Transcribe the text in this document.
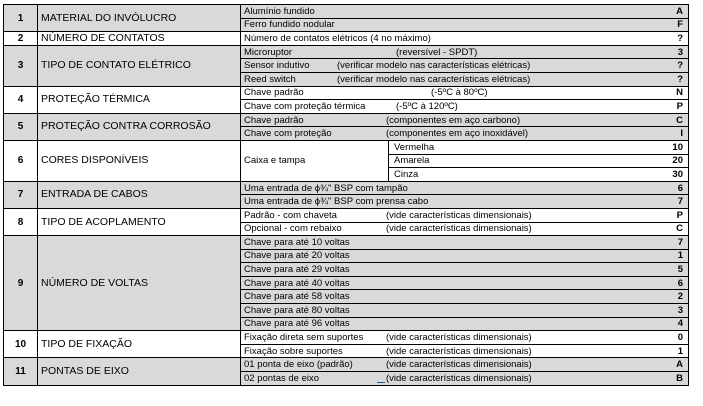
1	MATERIAL DO INVÓLUCRO	Alumínio fundido A	

		Ferro fundido nodular F	

2	NÚMERO DE CONTATOS	Número de contatos elétricos (4 no máximo) ?	

3	TIPO DE CONTATO ELÉTRICO	Microruptor (reversível - SPDT) 3	

		Sensor indutivo (verificar modelo nas características elétricas) ?	

		Reed switch (verificar modelo nas características elétricas) ?	

4	PROTEÇÃO TÉRMICA	Chave padrão (-5ºC à 80ºC) N	

		Chave com proteção térmica (-5ºC à 120ºC) P	

5	PROTEÇÃO CONTRA CORROSÃO	Chave padrão (componentes em aço carbono) C	

		Chave com proteção (componentes em aço inoxidável) I	

6	CORES DISPONÍVEIS	Caixa e tampa	Vermelha 10

			Amarela 20

			Cinza 30

7	ENTRADA DE CABOS	Uma entrada de ϕ¾" BSP com tampão 6	

		Uma entrada de ϕ¾" BSP com prensa cabo 7	

8	TIPO DE ACOPLAMENTO	Padrão - com chaveta (vide características dimensionais) P	

		Opcional - com rebaixo (vide características dimensionais) C	

9	NÚMERO DE VOLTAS	Chave para até 10 voltas 7	

		Chave para até 20 voltas 1	

		Chave para até 29 voltas 5	

		Chave para até 40 voltas 6	

		Chave para até 58 voltas 2	

		Chave para até 80 voltas 3	

		Chave para até 96 voltas 4	

10	TIPO DE FIXAÇÃO	Fixação direta sem suportes (vide características dimensionais) 0	

		Fixação sobre suportes (vide características dimensionais) 1	

11	PONTAS DE EIXO	01 ponta de eixo (padrão) (vide características dimensionais) A	

		02 pontas de eixo (vide características dimensionais) B	
